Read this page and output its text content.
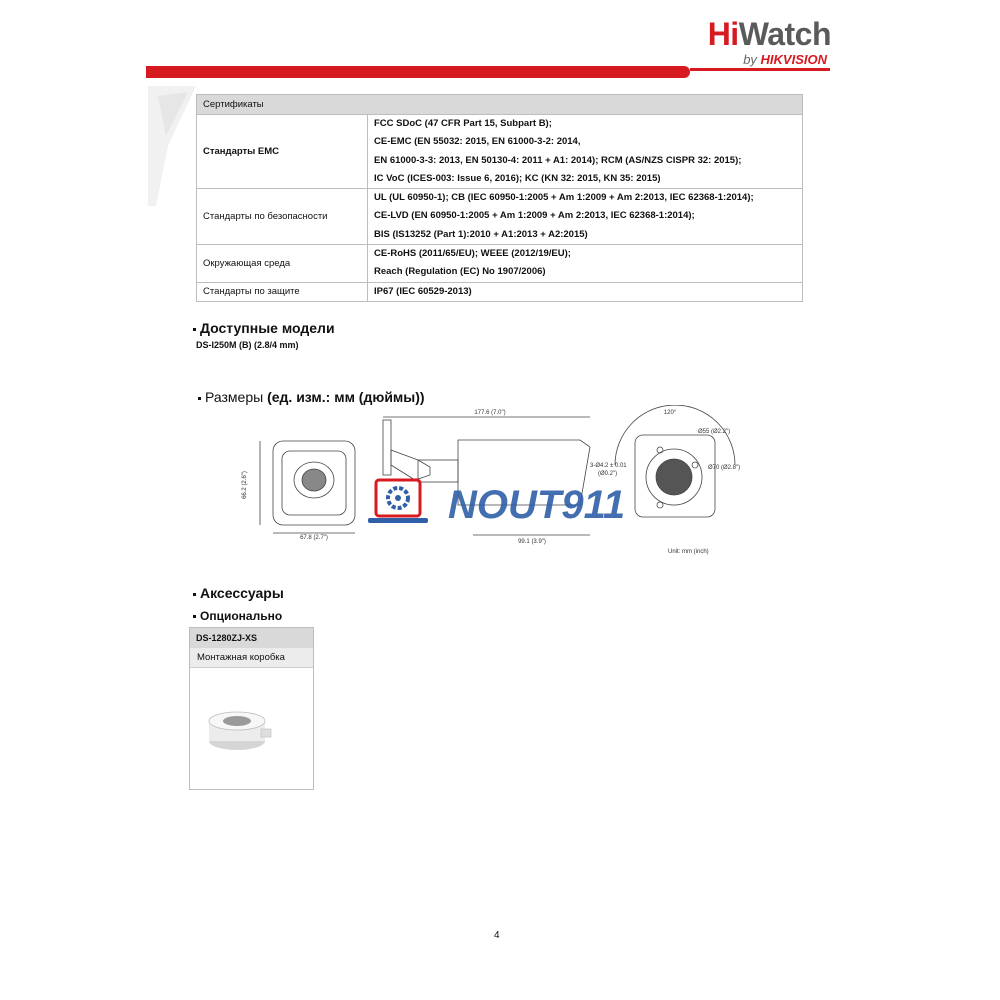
HiWatch
by HIKVISION
Сертификаты	
Стандарты EMC	FCC SDoC (47 CFR Part 15, Subpart B);
CE-EMC (EN 55032: 2015, EN 61000-3-2: 2014,
EN 61000-3-3: 2013, EN 50130-4: 2011 + A1: 2014); RCM (AS/NZS CISPR 32: 2015);
IC VoC (ICES-003: Issue 6, 2016); KC (KN 32: 2015, KN 35: 2015)

Стандарты по безопасности	UL (UL 60950-1); CB (IEC 60950-1:2005 + Am 1:2009 + Am 2:2013, IEC 62368-1:2014);
CE-LVD (EN 60950-1:2005 + Am 1:2009 + Am 2:2013, IEC 62368-1:2014);
BIS (IS13252 (Part 1):2010 + A1:2013 + A2:2015)

Окружающая среда	CE-RoHS (2011/65/EU); WEEE (2012/19/EU);
Reach (Regulation (EC) No 1907/2006)

Стандарты по защите	IP67 (IEC 60529-2013)
Доступные модели
DS-I250M (B) (2.8/4 mm)
Размеры (ед. изм.: мм (дюймы))
66.2 (2.6")
67.8 (2.7")
177.6 (7.0")
99.1 (3.9")
120°
Ø55 (Ø2.2")
Ø70 (Ø2.8")
3-Ø4.2 ± 0.01
(Ø0.2")
Unit: mm (inch)
NOUT911
Аксессуары
Опционально
DS-1280ZJ-XS
Монтажная коробка
4
